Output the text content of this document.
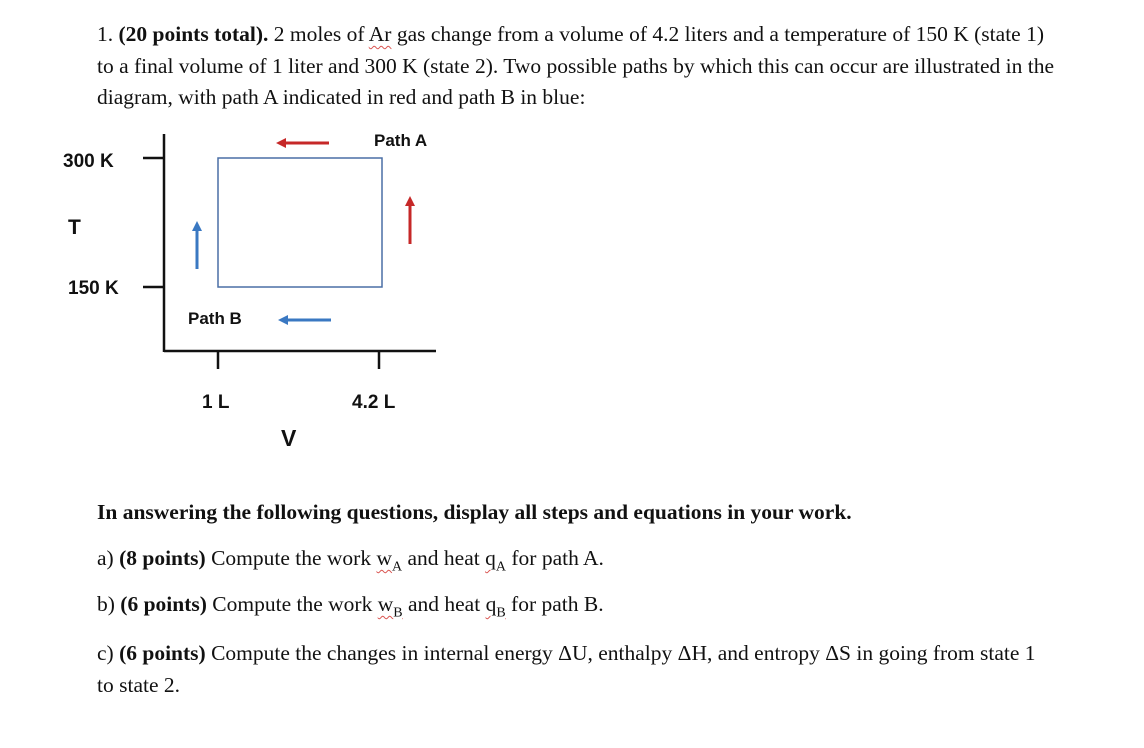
1. (20 points total). 2 moles of Ar gas change from a volume of 4.2 liters and a temperature of 150 K (state 1) to a final volume of 1 liter and 300 K (state 2). Two possible paths by which this can occur are illustrated in the diagram, with path A indicated in red and path B in blue:

300 K
150 K
T
V
1 L	4.2 L
Path A
Path B

In answering the following questions, display all steps and equations in your work.

a) (8 points) Compute the work $w_A$ and heat $q_A$ for path A.

b) (6 points) Compute the work $w_B$ and heat $q_B$ for path B.

c) (6 points) Compute the changes in internal energy ΔU, enthalpy ΔH, and entropy ΔS in going from state 1 to state 2.
